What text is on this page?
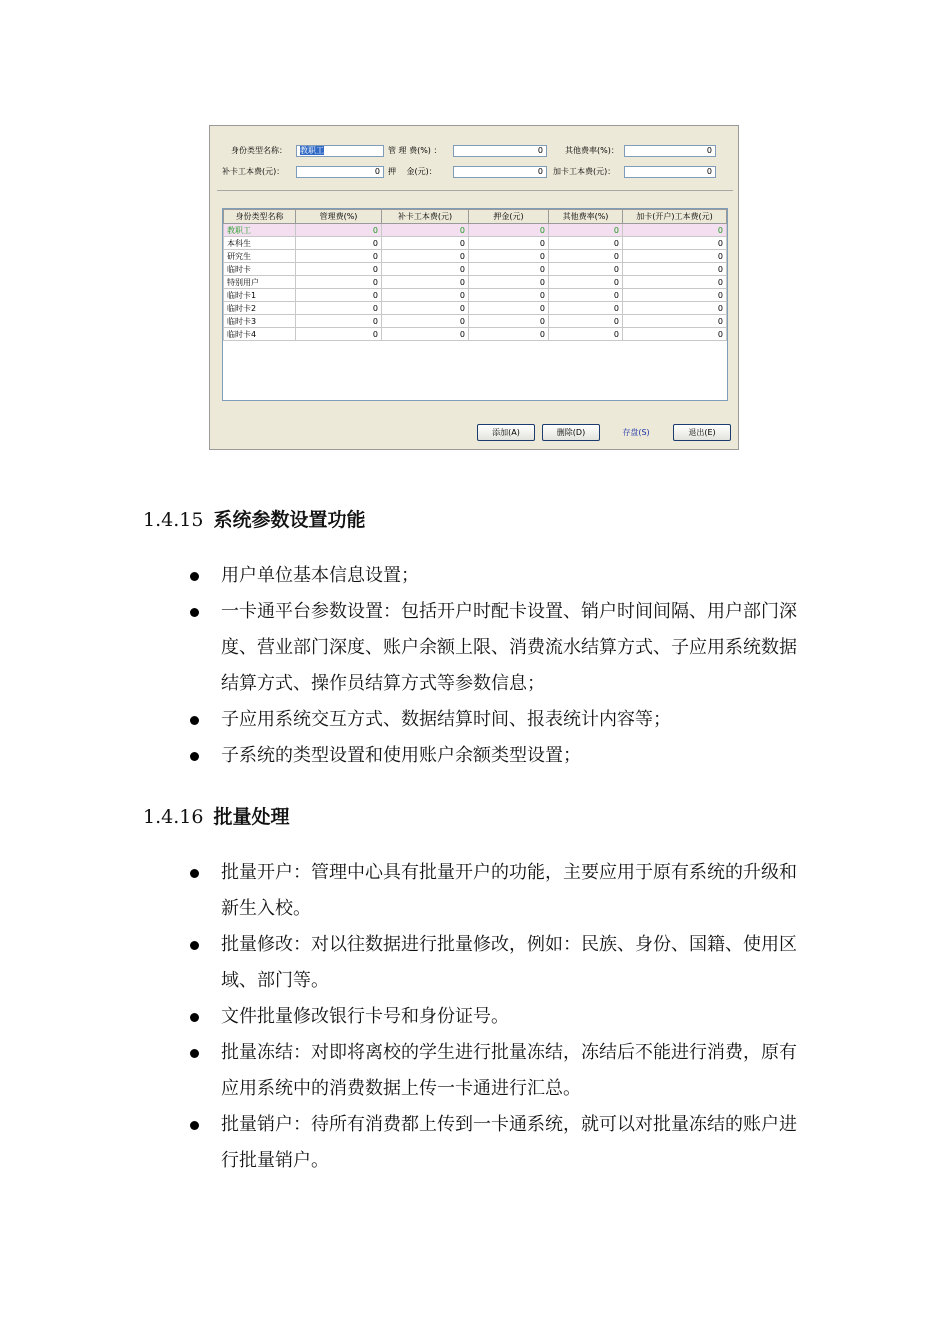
身份类型名称：	教职工	管 理 费(%) ：	0	其他费率(%)：	0
补卡工本费(元)：	0	押　 金(元)：	0	加卡工本费(元)：	0
身份类型名称	管理费(%)	补卡工本费(元)	押金(元)	其他费率(%)	加卡(开户)工本费(元)
教职工	0	0	0	0	0
本科生	0	0	0	0	0
研究生	0	0	0	0	0
临时卡	0	0	0	0	0
特别用户	0	0	0	0	0
临时卡1	0	0	0	0	0
临时卡2	0	0	0	0	0
临时卡3	0	0	0	0	0
临时卡4	0	0	0	0	0
添加(A)	删除(D)	存盘(S)	退出(E)
1.4.15 系统参数设置功能
用户单位基本信息设置；
一卡通平台参数设置：包括开户时配卡设置、销户时间间隔、用户部门深度、营业部门深度、账户余额上限、消费流水结算方式、子应用系统数据结算方式、操作员结算方式等参数信息；
子应用系统交互方式、数据结算时间、报表统计内容等；
子系统的类型设置和使用账户余额类型设置；
1.4.16 批量处理
批量开户：管理中心具有批量开户的功能，主要应用于原有系统的升级和新生入校。
批量修改：对以往数据进行批量修改，例如：民族、身份、国籍、使用区域、部门等。
文件批量修改银行卡号和身份证号。
批量冻结：对即将离校的学生进行批量冻结，冻结后不能进行消费，原有应用系统中的消费数据上传一卡通进行汇总。
批量销户：待所有消费都上传到一卡通系统，就可以对批量冻结的账户进行批量销户。
